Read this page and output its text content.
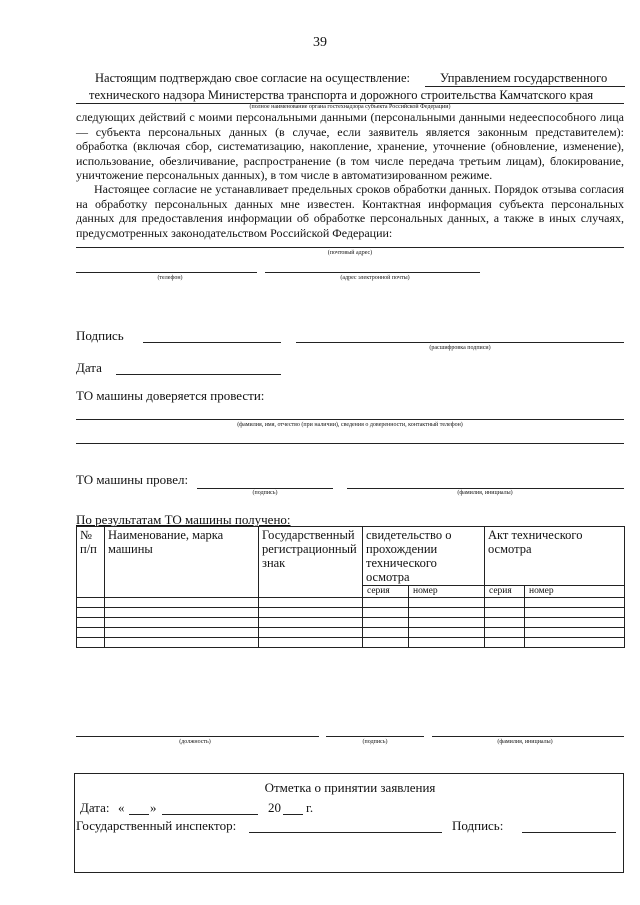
39
Настоящим подтверждаю свое согласие на осуществление: Управлением государственного
технического надзора Министерства транспорта и дорожного строительства Камчатского края
(полное наименование органа гостехнадзора субъекта Российской Федерации)
следующих действий с моими персональными данными (персональными данными недееспособного лица — субъекта персональных данных (в случае, если заявитель является законным представителем): обработка (включая сбор, систематизацию, накопление, хранение, уточнение (обновление, изменение), использование, обезличивание, распространение (в том числе передача третьим лицам), блокирование, уничтожение персональных данных), в том числе в автоматизированном режиме.
Настоящее согласие не устанавливает предельных сроков обработки данных. Порядок отзыва согласия на обработку персональных данных мне известен. Контактная информация субъекта персональных данных для предоставления информации об обработке персональных данных, а также в иных случаях, предусмотренных законодательством Российской Федерации:
(почтовый адрес)
(телефон)	(адрес электронной почты)
Подпись
(расшифровка подписи)
Дата
ТО машины доверяется провести:
(фамилия, имя, отчество (при наличии), сведения о доверенности, контактный телефон)
ТО машины провел:
(подпись)	(фамилия, инициалы)
По результатам ТО машины получено:
№ п/п	Наименование, марка машины	Государственный регистрационный знак	свидетельство о прохождении технического осмотра		Акт технического осмотра	
			серия	номер	серия	номер

(должность)	(подпись)	(фамилия, инициалы)
Отметка о принятии заявления
Дата: « »	20 г.
Государственный инспектор:	Подпись:
